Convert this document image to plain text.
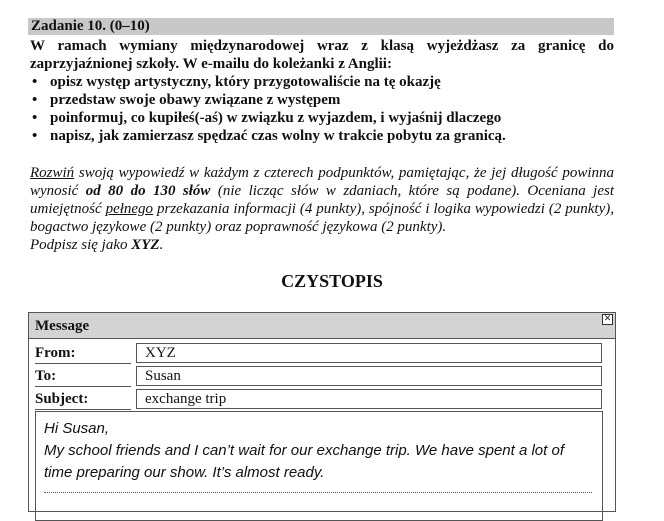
Zadanie 10. (0–10)

W ramach wymiany międzynarodowej wraz z klasą wyjeżdżasz za granicę do zaprzyjaźnionej szkoły. W e-mailu do koleżanki z Anglii:

• opisz występ artystyczny, który przygotowaliście na tę okazję
• przedstaw swoje obawy związane z występem
• poinformuj, co kupiłeś(-aś) w związku z wyjazdem, i wyjaśnij dlaczego
• napisz, jak zamierzasz spędzać czas wolny w trakcie pobytu za granicą.

Rozwiń swoją wypowiedź w każdym z czterech podpunktów, pamiętając, że jej długość powinna wynosić od 80 do 130 słów (nie licząc słów w zdaniach, które są podane). Oceniana jest umiejętność pełnego przekazania informacji (4 punkty), spójność i logika wypowiedzi (2 punkty), bogactwo językowe (2 punkty) oraz poprawność językowa (2 punkty).

Podpisz się jako XYZ.

CZYSTOPIS
Message	✕
From:	XYZ
To:	Susan
Subject:	exchange trip

Hi Susan,

My school friends and I can’t wait for our exchange trip. We have spent a lot of time preparing our show. It’s almost ready.
